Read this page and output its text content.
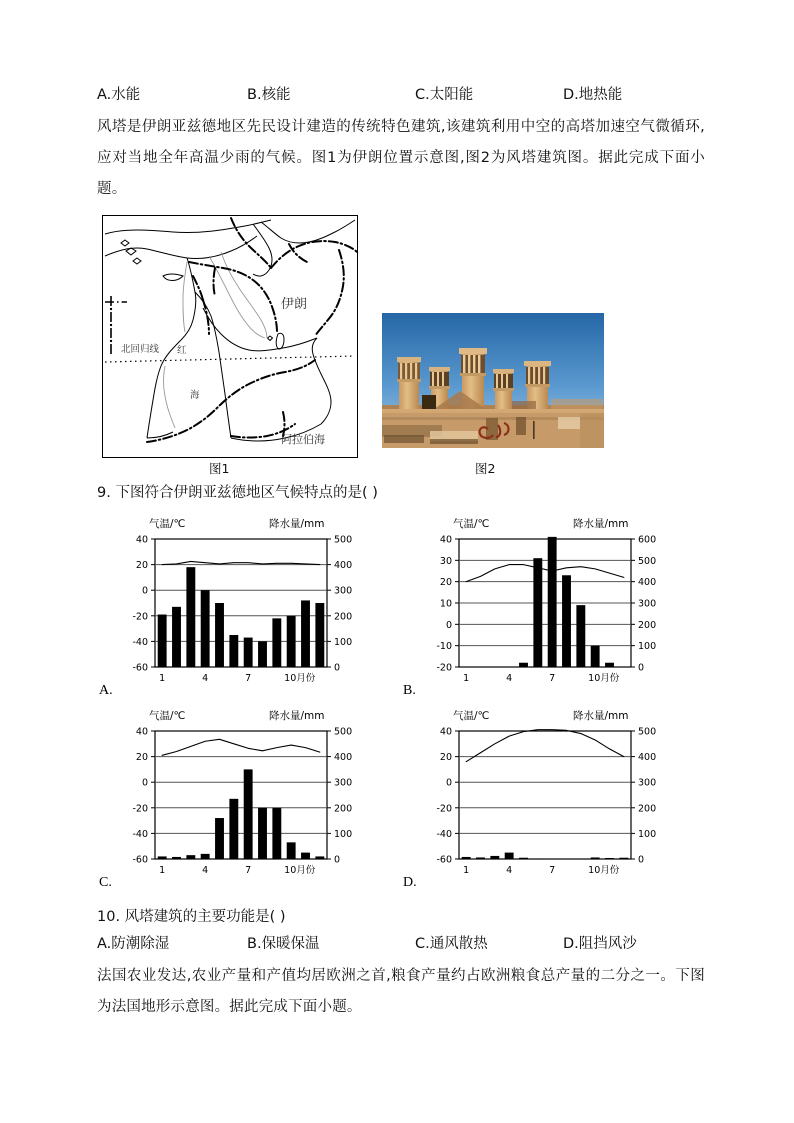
A.水能	B.核能	C.太阳能	D.地热能
风塔是伊朗亚兹德地区先民设计建造的传统特色建筑,该建筑利用中空的高塔加速空气微循环,应对当地全年高温少雨的气候。图1为伊朗位置示意图,图2为风塔建筑图。据此完成下面小题。
伊朗
北回归线 红
海
阿拉伯海
图1	图2
9. 下图符合伊朗亚兹德地区气候特点的是( )
A.
气温/℃	降水量/mm
-60
-40
-20
0
20
40
0
100
200
300
400
500
1	4	7	10月份
B.
气温/℃	降水量/mm
-20
-10
0
10
20
30
40
0
100
200
300
400
500
600
1	4	7	10月份
C.
气温/℃	降水量/mm
-60
-40
-20
0
20
40
0
100
200
300
400
500
1	4	7	10月份
D.
气温/℃	降水量/mm
-60
-40
-20
0
20
40
0
100
200
300
400
500
1	4	7	10月份
10. 风塔建筑的主要功能是( )
A.防潮除湿	B.保暖保温	C.通风散热	D.阻挡风沙
法国农业发达,农业产量和产值均居欧洲之首,粮食产量约占欧洲粮食总产量的二分之一。下图为法国地形示意图。据此完成下面小题。
